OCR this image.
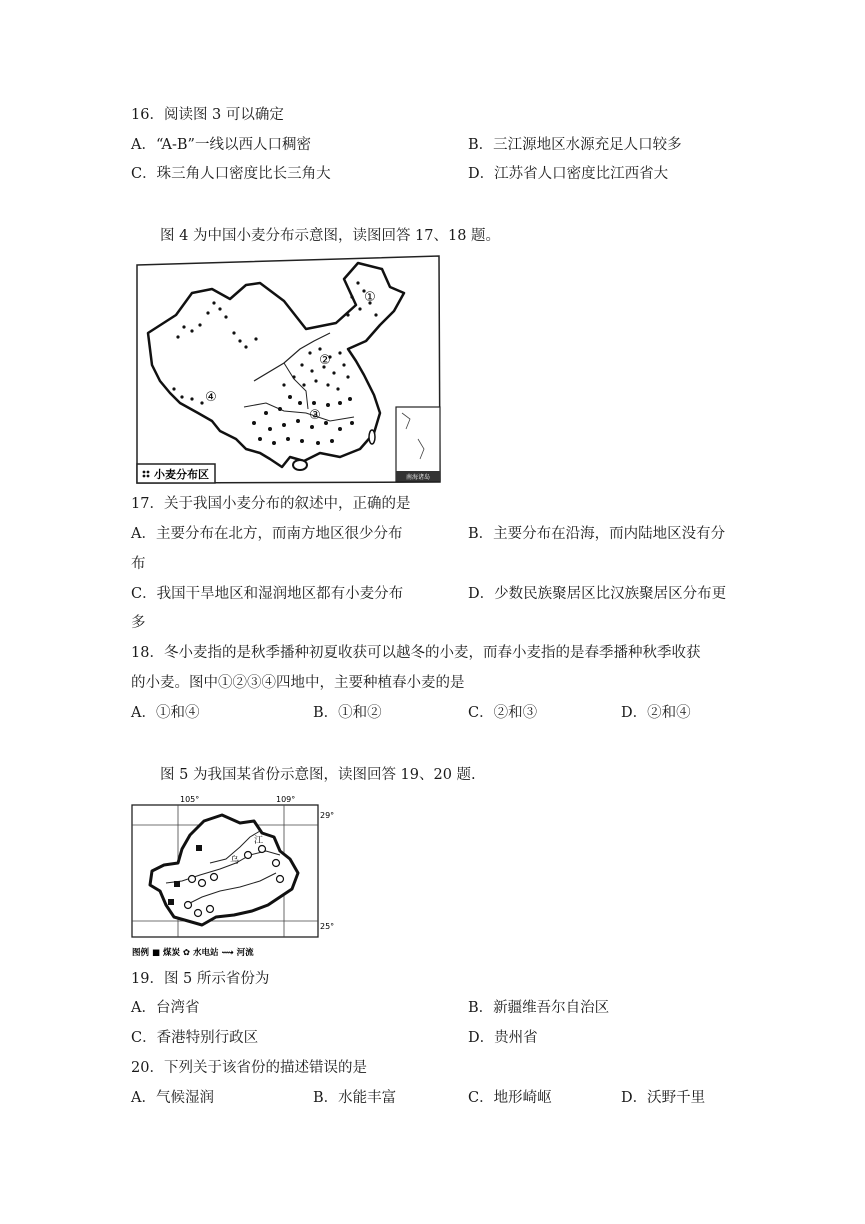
16．阅读图 3 可以确定
A．“A-B”一线以西人口稠密	B．三江源地区水源充足人口较多
C．珠三角人口密度比长三角大	D．江苏省人口密度比江西省大
图 4 为中国小麦分布示意图，读图回答 17、18 题。
①
②
③
④
南海诸岛
小麦分布区
17．关于我国小麦分布的叙述中，正确的是
A．主要分布在北方，而南方地区很少分布	B．主要分布在沿海，而内陆地区没有分
布
C．我国干旱地区和湿润地区都有小麦分布	D．少数民族聚居区比汉族聚居区分布更
多
18．冬小麦指的是秋季播种初夏收获可以越冬的小麦，而春小麦指的是春季播种秋季收获
的小麦。图中①②③④四地中，主要种植春小麦的是
A．①和④	B．①和②	C．②和③	D．②和④
图 5 为我国某省份示意图，读图回答 19、20 题.
105°	109°
29°
25°
乌
江
图例 ■ 煤炭 ✿ 水电站 ⟿ 河流
19．图 5 所示省份为
A．台湾省	B．新疆维吾尔自治区
C．香港特别行政区	D．贵州省
20．下列关于该省份的描述错误的是
A．气候湿润	B．水能丰富	C．地形崎岖	D．沃野千里
